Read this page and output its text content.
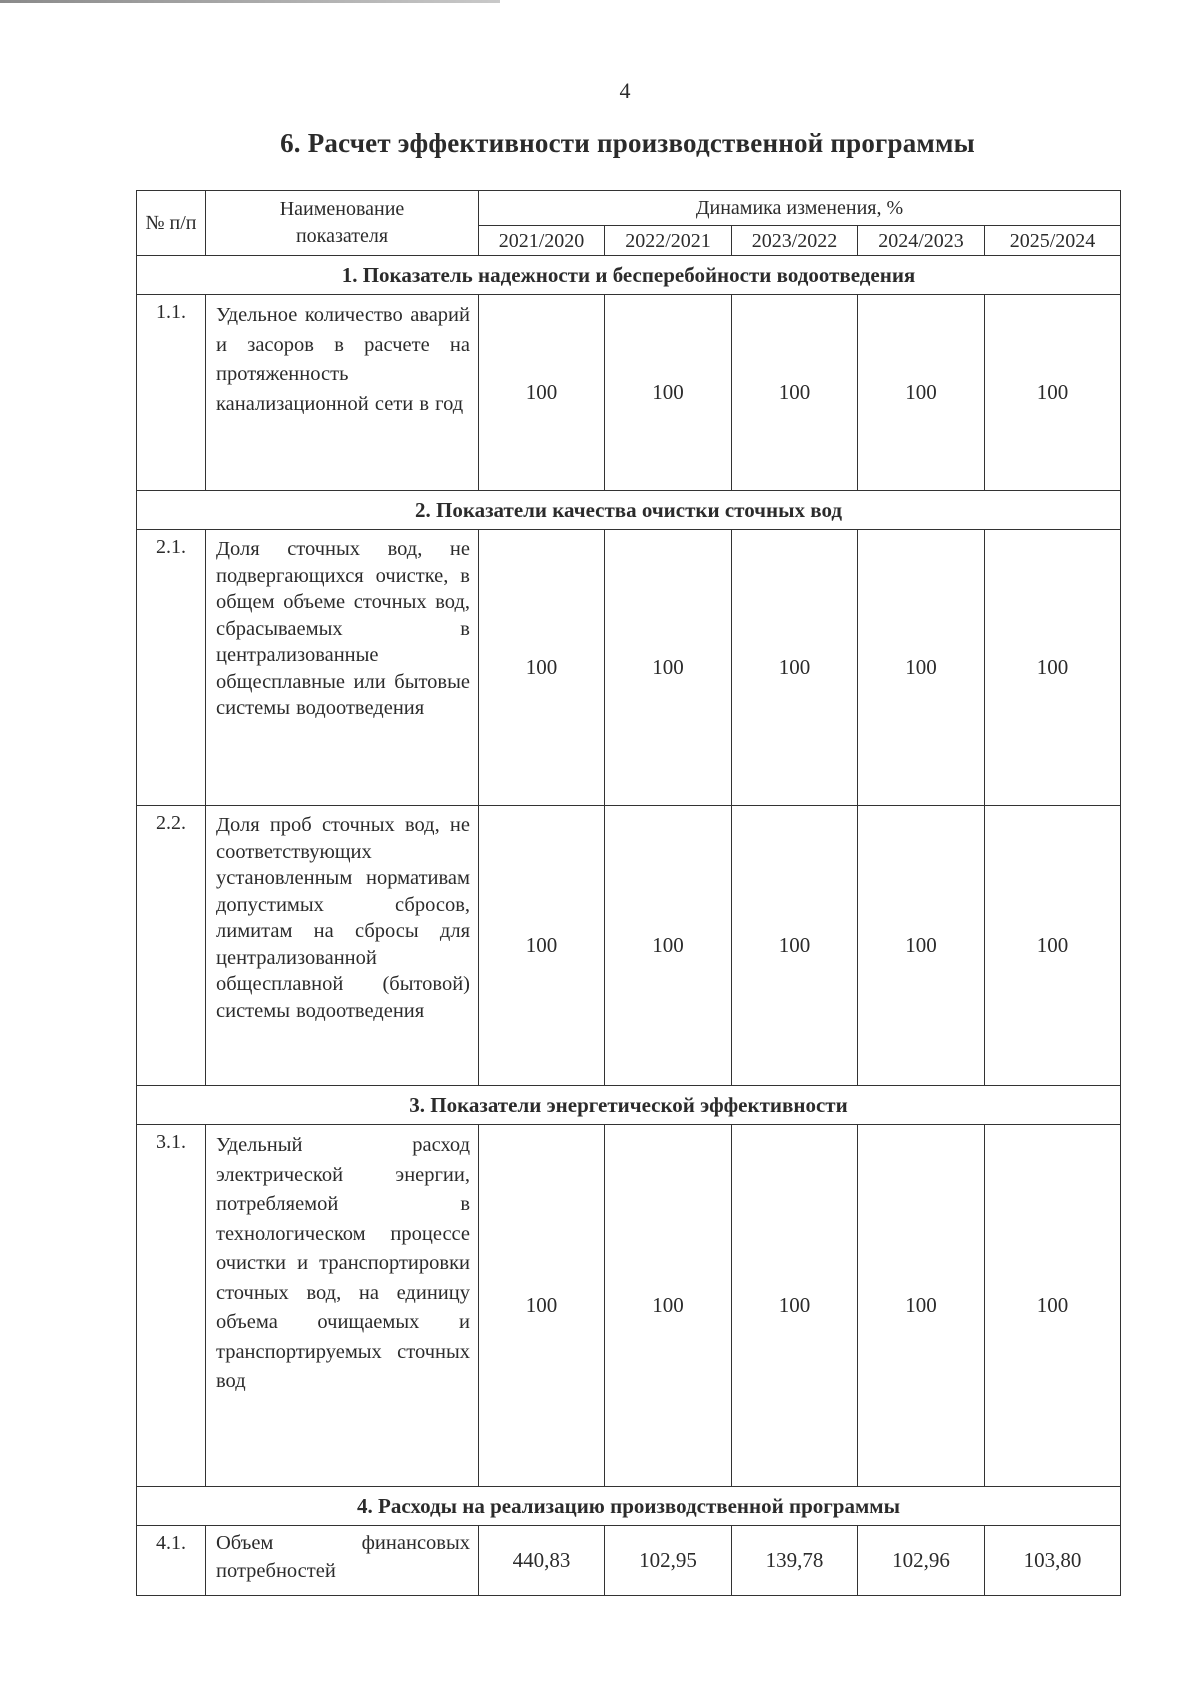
4
6. Расчет эффективности производственной программы
№ п/п	Наименование показателя	Динамика изменения, %				
		2021/2020	2022/2021	2023/2022	2024/2023	2025/2024
1. Показатель надежности и бесперебойности водоотведения						
1.1.	Удельное количество аварий и засоров в расчете на протяженность канализационной сети в год	100	100	100	100	100
2. Показатели качества очистки сточных вод						
2.1.	Доля сточных вод, не подвергающихся очистке, в общем объеме сточных вод, сбрасываемых в централизованные общесплавные или бытовые системы водоотведения	100	100	100	100	100
2.2.	Доля проб сточных вод, не соответствующих установленным нормативам допустимых сбросов, лимитам на сбросы для централизованной общесплавной (бытовой) системы водоотведения	100	100	100	100	100
3. Показатели энергетической эффективности						
3.1.	Удельный расход электрической энергии, потребляемой в технологическом процессе очистки и транспортировки сточных вод, на единицу объема очищаемых и транспортируемых сточных вод	100	100	100	100	100
4. Расходы на реализацию производственной программы						
4.1.	Объем финансовых потребностей	440,83	102,95	139,78	102,96	103,80
